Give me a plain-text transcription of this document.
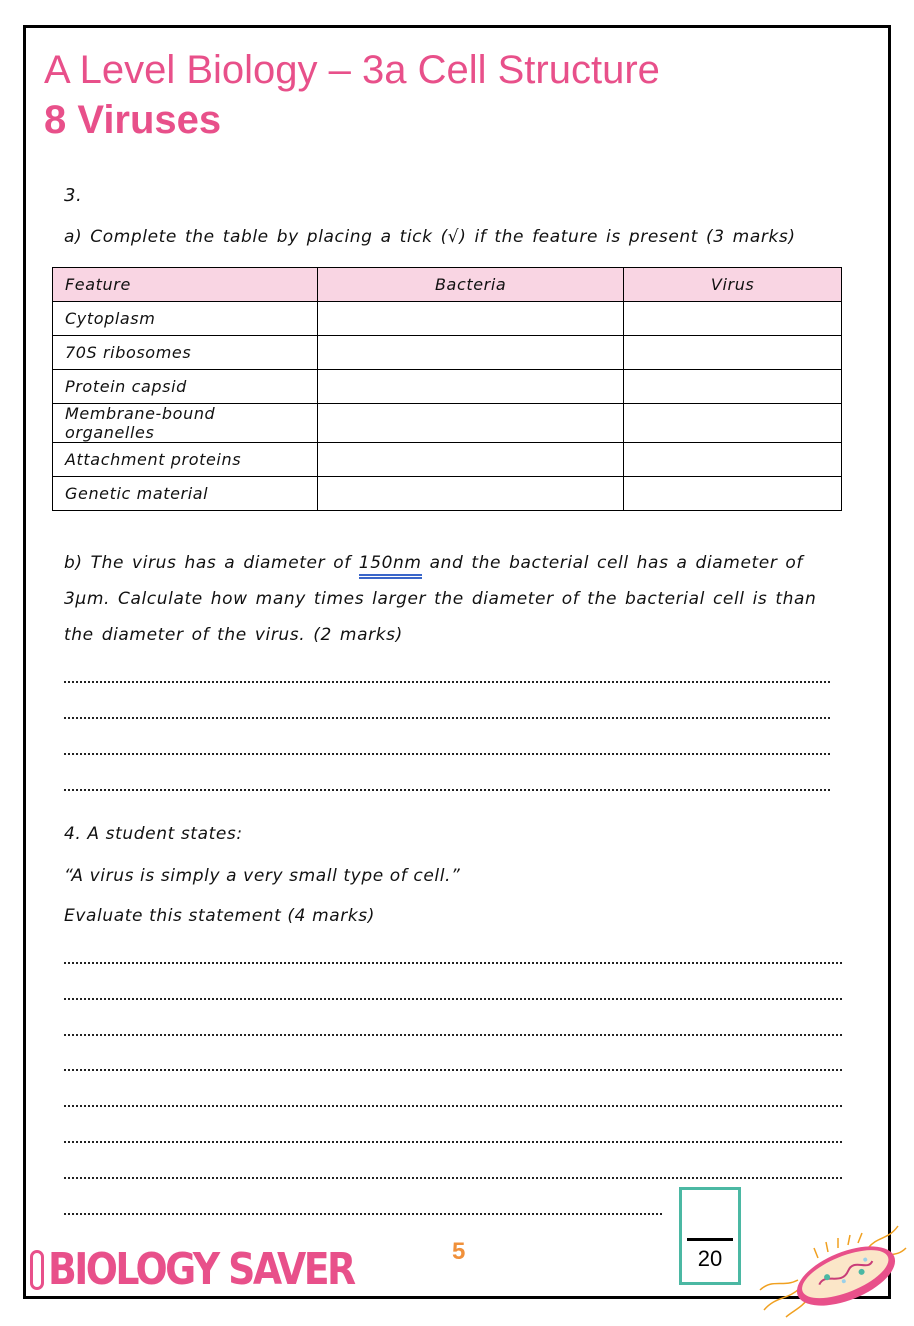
A Level Biology – 3a Cell Structure
8 Viruses
3.
a) Complete the table by placing a tick (√) if the feature is present (3 marks)
Feature	Bacteria	Virus
Cytoplasm		
70S ribosomes		
Protein capsid		
Membrane-bound organelles		
Attachment proteins		
Genetic material		
b) The virus has a diameter of 150nm and the bacterial cell has a diameter of
3µm. Calculate how many times larger the diameter of the bacterial cell is than
the diameter of the virus. (2 marks)
4. A student states:
“A virus is simply a very small type of cell.”
Evaluate this statement (4 marks)
5	20
BIOLOGY SAVER
